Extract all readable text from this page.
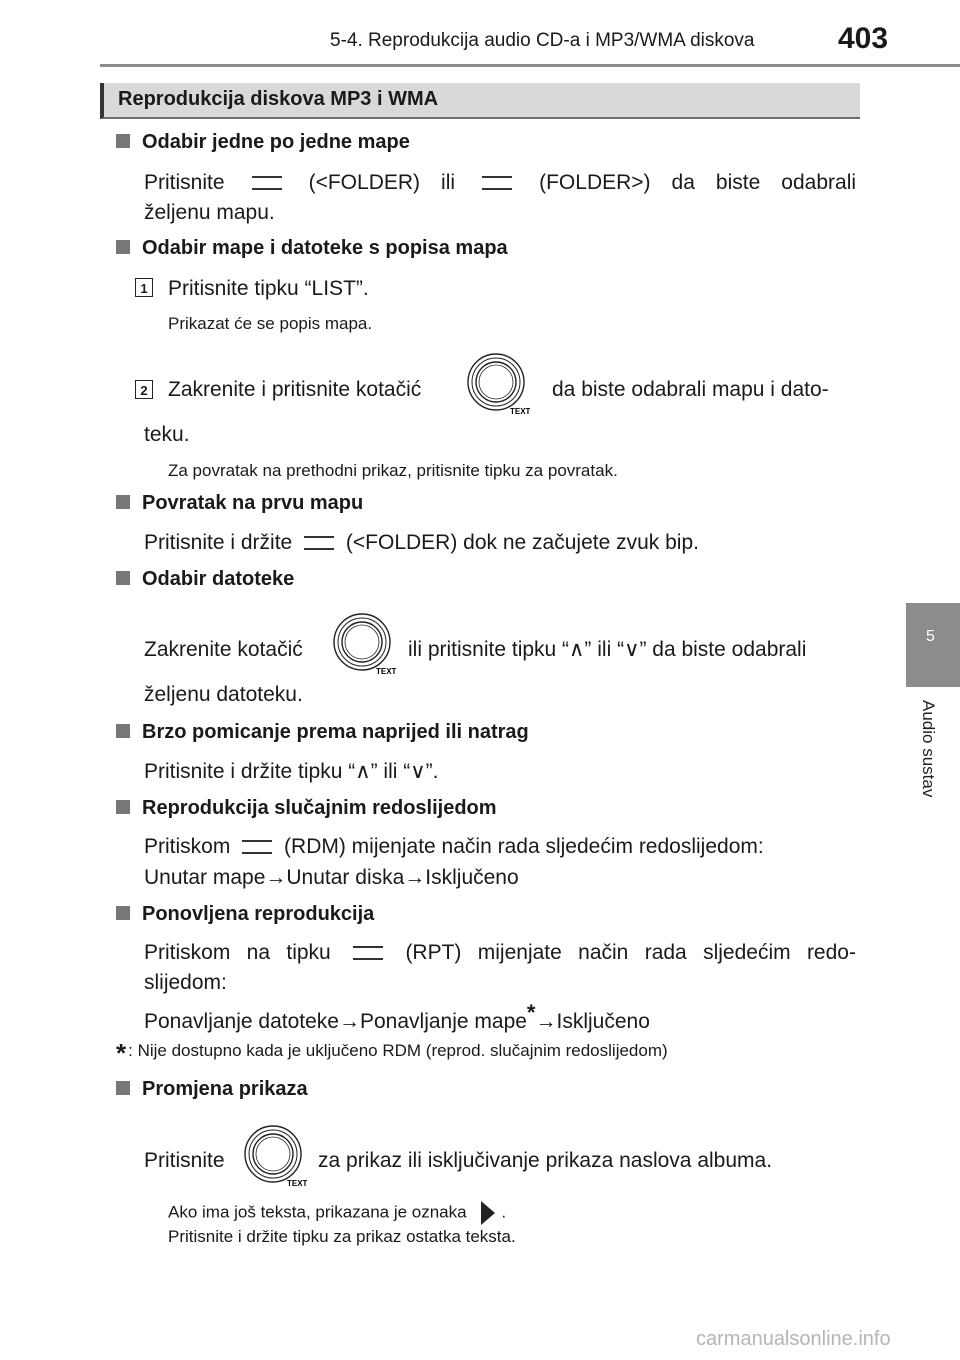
5-4. Reprodukcija audio CD-a i MP3/WMA diskova	403
5
Audio sustav
Reprodukcija diskova MP3 i WMA
Odabir jedne po jedne mape
Pritisnite	(<FOLDER) ili	(FOLDER>) da biste odabrali
željenu mapu.
Odabir mape i datoteke s popisa mapa
1 Pritisnite tipku “LIST”.
Prikazat će se popis mapa.
2 Zakrenite i pritisnite kotačić
TEXT
da biste odabrali mapu i dato-
teku.
Za povratak na prethodni prikaz, pritisnite tipku za povratak.
Povratak na prvu mapu
Pritisnite i držite	(<FOLDER) dok ne začujete zvuk bip.
Odabir datoteke
Zakrenite kotačić
TEXT
ili pritisnite tipku “∧” ili “∨” da biste odabrali
željenu datoteku.
Brzo pomicanje prema naprijed ili natrag
Pritisnite i držite tipku “∧” ili “∨”.
Reprodukcija slučajnim redoslijedom
Pritiskom	(RDM) mijenjate način rada sljedećim redoslijedom:
Unutar mape→Unutar diska→Isključeno
Ponovljena reprodukcija
Pritiskom na tipku	(RPT) mijenjate način rada sljedećim redo-
slijedom:
Ponavljanje datoteke→Ponavljanje mape*→Isključeno
* : Nije dostupno kada je uključeno RDM (reprod. slučajnim redoslijedom)
Promjena prikaza
Pritisnite
TEXT
za prikaz ili isključivanje prikaza naslova albuma.
Ako ima još teksta, prikazana je oznaka .
Pritisnite i držite tipku za prikaz ostatka teksta.
carmanualsonline.info
